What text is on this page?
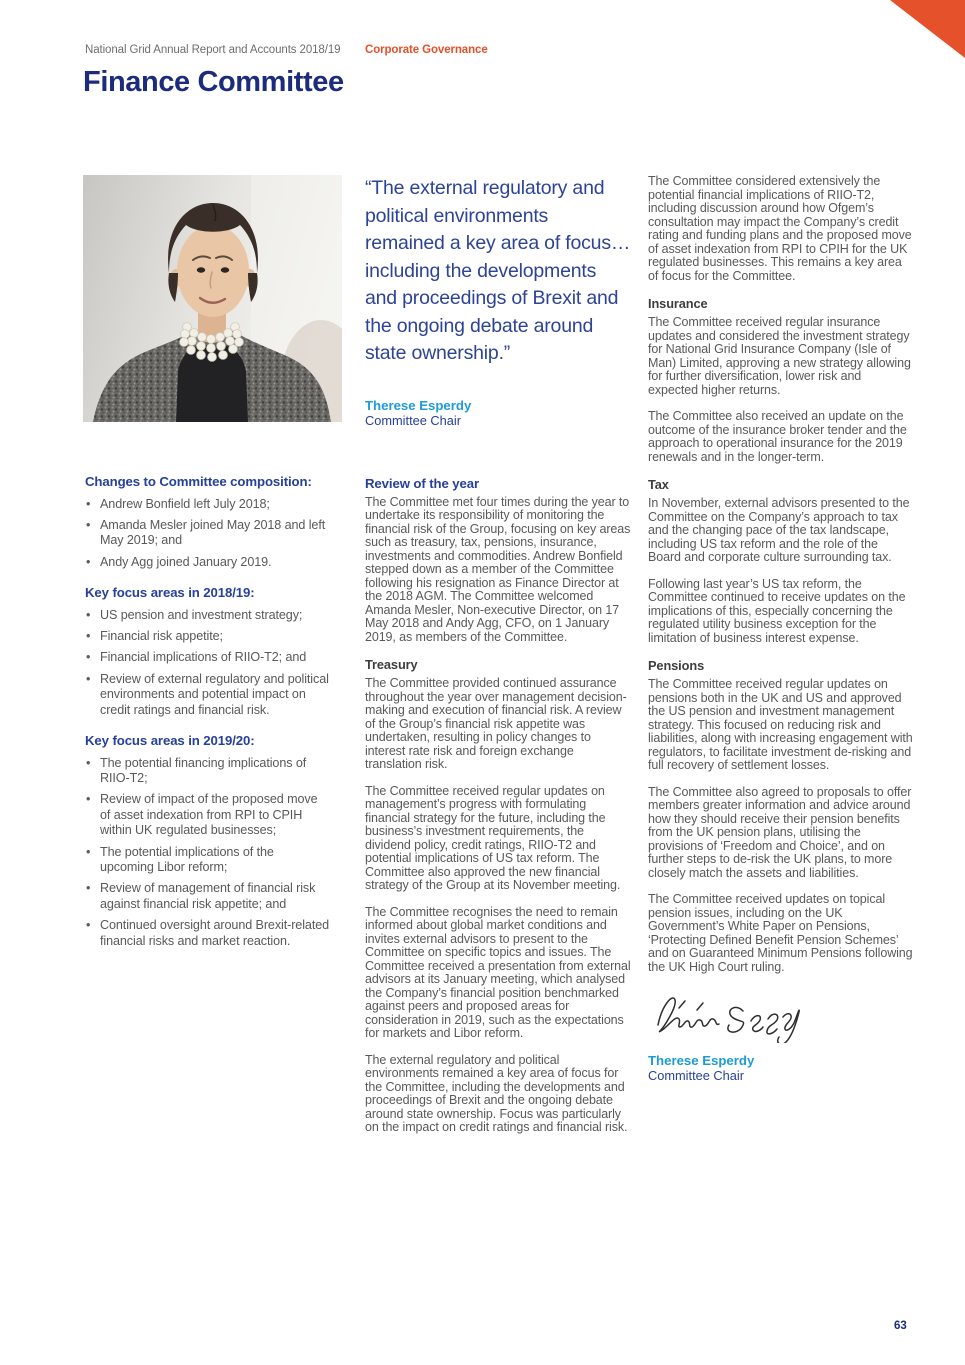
National Grid Annual Report and Accounts 2018/19 Corporate Governance
Finance Committee
Changes to Committee composition:
• Andrew Bonfield left July 2018;
• Amanda Mesler joined May 2018 and left May 2019; and
• Andy Agg joined January 2019.
Key focus areas in 2018/19:
• US pension and investment strategy;
• Financial risk appetite;
• Financial implications of RIIO-T2; and
• Review of external regulatory and political environments and potential impact on credit ratings and financial risk.
Key focus areas in 2019/20:
• The potential financing implications of RIIO-T2;
• Review of impact of the proposed move of asset indexation from RPI to CPIH within UK regulated businesses;
• The potential implications of the upcoming Libor reform;
• Review of management of financial risk against financial risk appetite; and
• Continued oversight around Brexit-related financial risks and market reaction.

“The external regulatory and political environments remained a key area of focus…including the developments and proceedings of Brexit and the ongoing debate around state ownership.”

Therese Esperdy
Committee Chair
Review of the year

The Committee met four times during the year to undertake its responsibility of monitoring the financial risk of the Group, focusing on key areas such as treasury, tax, pensions, insurance, investments and commodities. Andrew Bonfield stepped down as a member of the Committee following his resignation as Finance Director at the 2018 AGM. The Committee welcomed Amanda Mesler, Non-executive Director, on 17 May 2018 and Andy Agg, CFO, on 1 January 2019, as members of the Committee.

Treasury

The Committee provided continued assurance throughout the year over management decision-making and execution of financial risk. A review of the Group’s financial risk appetite was undertaken, resulting in policy changes to interest rate risk and foreign exchange translation risk.

The Committee received regular updates on management’s progress with formulating financial strategy for the future, including the business’s investment requirements, the dividend policy, credit ratings, RIIO-T2 and potential implications of US tax reform. The Committee also approved the new financial strategy of the Group at its November meeting.

The Committee recognises the need to remain informed about global market conditions and invites external advisors to present to the Committee on specific topics and issues. The Committee received a presentation from external advisors at its January meeting, which analysed the Company’s financial position benchmarked against peers and proposed areas for consideration in 2019, such as the expectations for markets and Libor reform.

The external regulatory and political environments remained a key area of focus for the Committee, including the developments and proceedings of Brexit and the ongoing debate around state ownership. Focus was particularly on the impact on credit ratings and financial risk.

The Committee considered extensively the potential financial implications of RIIO-T2, including discussion around how Ofgem’s consultation may impact the Company’s credit rating and funding plans and the proposed move of asset indexation from RPI to CPIH for the UK regulated businesses. This remains a key area of focus for the Committee.

Insurance

The Committee received regular insurance updates and considered the investment strategy for National Grid Insurance Company (Isle of Man) Limited, approving a new strategy allowing for further diversification, lower risk and expected higher returns.

The Committee also received an update on the outcome of the insurance broker tender and the approach to operational insurance for the 2019 renewals and in the longer-term.

Tax

In November, external advisors presented to the Committee on the Company’s approach to tax and the changing pace of the tax landscape, including US tax reform and the role of the Board and corporate culture surrounding tax.

Following last year’s US tax reform, the Committee continued to receive updates on the implications of this, especially concerning the regulated utility business exception for the limitation of business interest expense.

Pensions

The Committee received regular updates on pensions both in the UK and US and approved the US pension and investment management strategy. This focused on reducing risk and liabilities, along with increasing engagement with regulators, to facilitate investment de-risking and full recovery of settlement losses.

The Committee also agreed to proposals to offer members greater information and advice around how they should receive their pension benefits from the UK pension plans, utilising the provisions of ‘Freedom and Choice’, and on further steps to de-risk the UK plans, to more closely match the assets and liabilities.

The Committee received updates on topical pension issues, including on the UK Government’s White Paper on Pensions, ‘Protecting Defined Benefit Pension Schemes’ and on Guaranteed Minimum Pensions following the UK High Court ruling.

Therese Esperdy
Committee Chair
63
